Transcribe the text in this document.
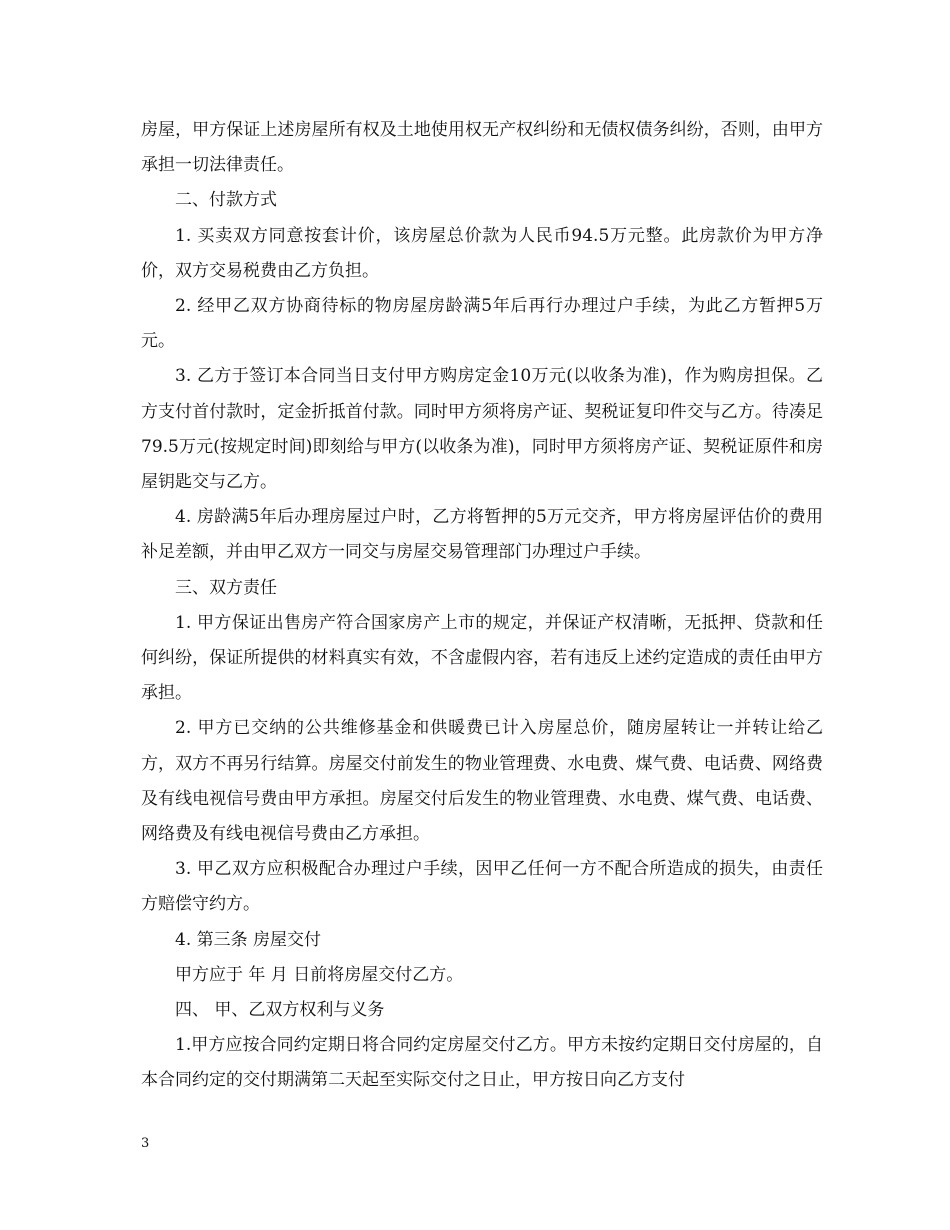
房屋，甲方保证上述房屋所有权及土地使用权无产权纠纷和无债权债务纠纷，否则，由甲方承担一切法律责任。

二、付款方式

1. 买卖双方同意按套计价，该房屋总价款为人民币94.5万元整。此房款价为甲方净价，双方交易税费由乙方负担。

2. 经甲乙双方协商待标的物房屋房龄满5年后再行办理过户手续，为此乙方暂押5万元。

3. 乙方于签订本合同当日支付甲方购房定金10万元(以收条为准)，作为购房担保。乙方支付首付款时，定金折抵首付款。同时甲方须将房产证、契税证复印件交与乙方。待凑足79.5万元(按规定时间)即刻给与甲方(以收条为准)，同时甲方须将房产证、契税证原件和房屋钥匙交与乙方。

4. 房龄满5年后办理房屋过户时，乙方将暂押的5万元交齐，甲方将房屋评估价的费用补足差额，并由甲乙双方一同交与房屋交易管理部门办理过户手续。

三、双方责任

1. 甲方保证出售房产符合国家房产上市的规定，并保证产权清晰，无抵押、贷款和任何纠纷，保证所提供的材料真实有效，不含虚假内容，若有违反上述约定造成的责任由甲方承担。

2. 甲方已交纳的公共维修基金和供暖费已计入房屋总价，随房屋转让一并转让给乙方，双方不再另行结算。房屋交付前发生的物业管理费、水电费、煤气费、电话费、网络费及有线电视信号费由甲方承担。房屋交付后发生的物业管理费、水电费、煤气费、电话费、网络费及有线电视信号费由乙方承担。

3. 甲乙双方应积极配合办理过户手续，因甲乙任何一方不配合所造成的损失，由责任方赔偿守约方。

4. 第三条 房屋交付

甲方应于 年 月 日前将房屋交付乙方。

四、 甲、乙双方权利与义务

1.甲方应按合同约定期日将合同约定房屋交付乙方。甲方未按约定期日交付房屋的，自本合同约定的交付期满第二天起至实际交付之日止，甲方按日向乙方支付

3
